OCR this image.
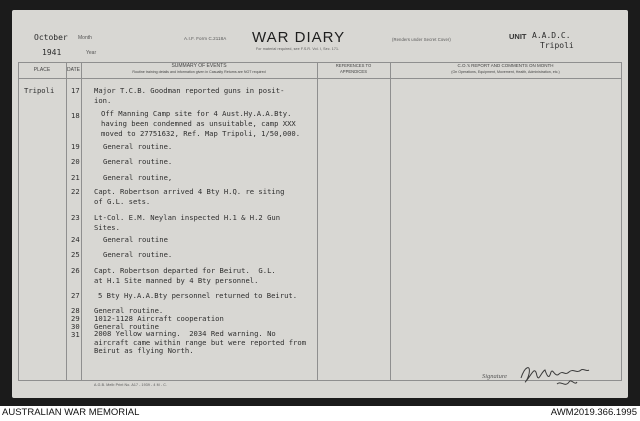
October Month
1941	Year
A.I.F. Form C.2118A WAR DIARY
For material required, see F.S.R. Vol. I, Sec. 171.
(Renders under Secret Cover)	UNIT A.A.D.C.
Tripoli
PLACE	DATE
SUMMARY OF EVENTS
Routine training details and information given in Casualty Returns are NOT required
REFERENCES TO
APPENDICES
C.O.'s REPORT AND COMMENTS ON MONTH
(On Operations, Equipment, Movement, Health, Administration, etc.)
Tripoli 17 Major T.C.B. Goodman reported guns in posit-
ion.
18	Off Manning Camp site for 4 Aust.Hy.A.A.Bty.
having been condemned as unsuitable, camp XXX
moved to 27751632, Ref. Map Tripoli, 1/50,000.
19	General routine.
20	General routine.
21	General routine,
22 Capt. Robertson arrived 4 Bty H.Q. re siting
of G.L. sets.
23 Lt-Col. E.M. Neylan inspected H.1 & H.2 Gun
Sites.
24	General routine
25	General routine.
26 Capt. Robertson departed for Beirut.  G.L.
at H.1 Site manned by 4 Bty personnel.
27	5 Bty Hy.A.A.Bty personnel returned to Beirut.
28 General routine.
29 1012-1128 Aircraft cooperation
30 General routine
31 2008 Yellow warning.  2034 Red warning. No
aircraft came within range but were reported from
Beirut as flying North.
A.G.B. Melb Print No. A17 - 1939 - 4 M - C.
Signature
AUSTRALIAN WAR MEMORIAL	AWM2019.366.1995
